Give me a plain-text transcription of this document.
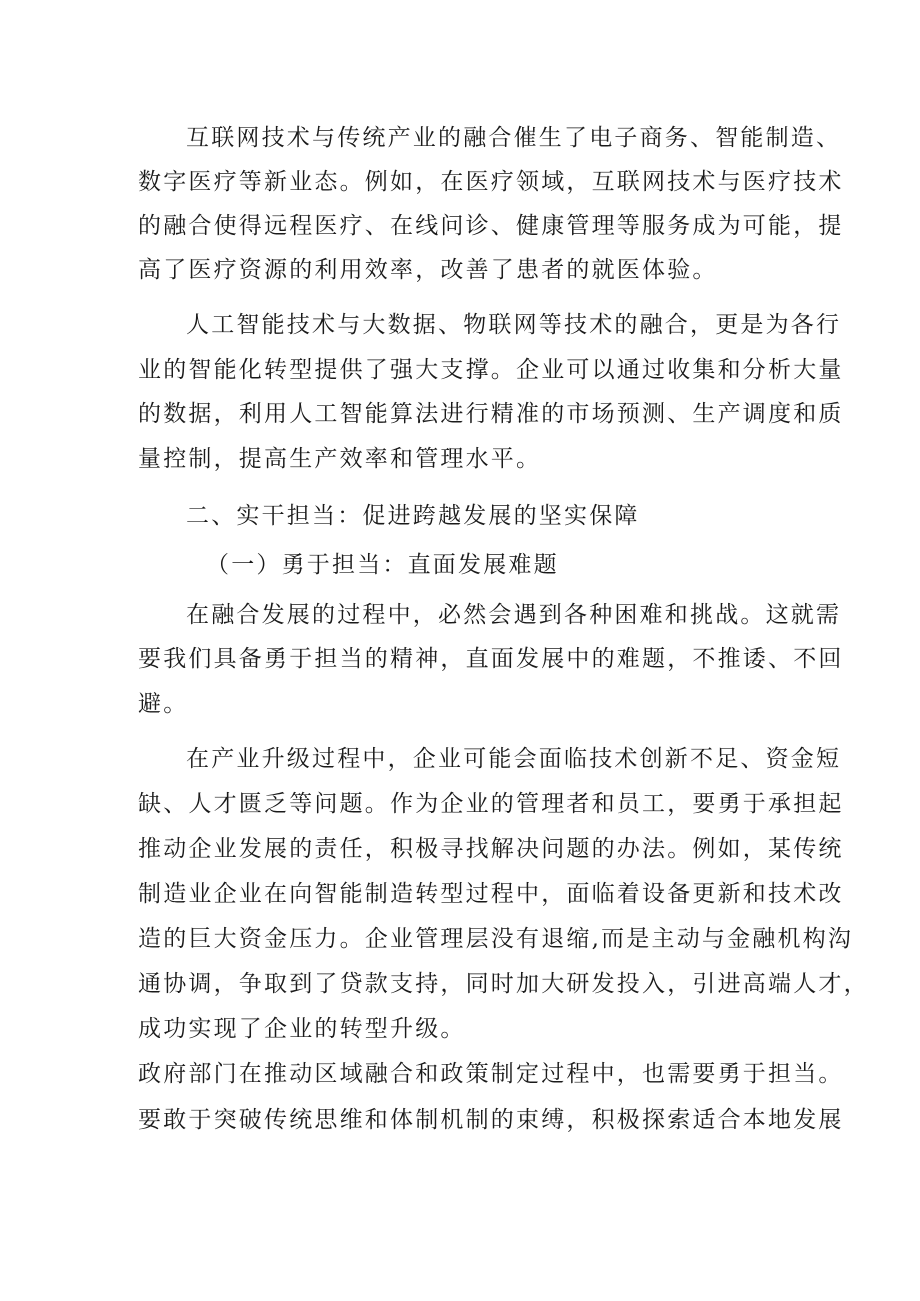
互联网技术与传统产业的融合催生了电子商务、智能制造、
数字医疗等新业态。例如，在医疗领域，互联网技术与医疗技术
的融合使得远程医疗、在线问诊、健康管理等服务成为可能，提
高了医疗资源的利用效率，改善了患者的就医体验。
人工智能技术与大数据、物联网等技术的融合，更是为各行
业的智能化转型提供了强大支撑。企业可以通过收集和分析大量
的数据，利用人工智能算法进行精准的市场预测、生产调度和质
量控制，提高生产效率和管理水平。
二、实干担当：促进跨越发展的坚实保障
（一）勇于担当：直面发展难题
在融合发展的过程中，必然会遇到各种困难和挑战。这就需
要我们具备勇于担当的精神，直面发展中的难题，不推诿、不回
避。
在产业升级过程中，企业可能会面临技术创新不足、资金短
缺、人才匮乏等问题。作为企业的管理者和员工，要勇于承担起
推动企业发展的责任，积极寻找解决问题的办法。例如，某传统
制造业企业在向智能制造转型过程中，面临着设备更新和技术改
造的巨大资金压力。企业管理层没有退缩,而是主动与金融机构沟
通协调，争取到了贷款支持，同时加大研发投入，引进高端人才，
成功实现了企业的转型升级。
政府部门在推动区域融合和政策制定过程中，也需要勇于担当。
要敢于突破传统思维和体制机制的束缚，积极探索适合本地发展
